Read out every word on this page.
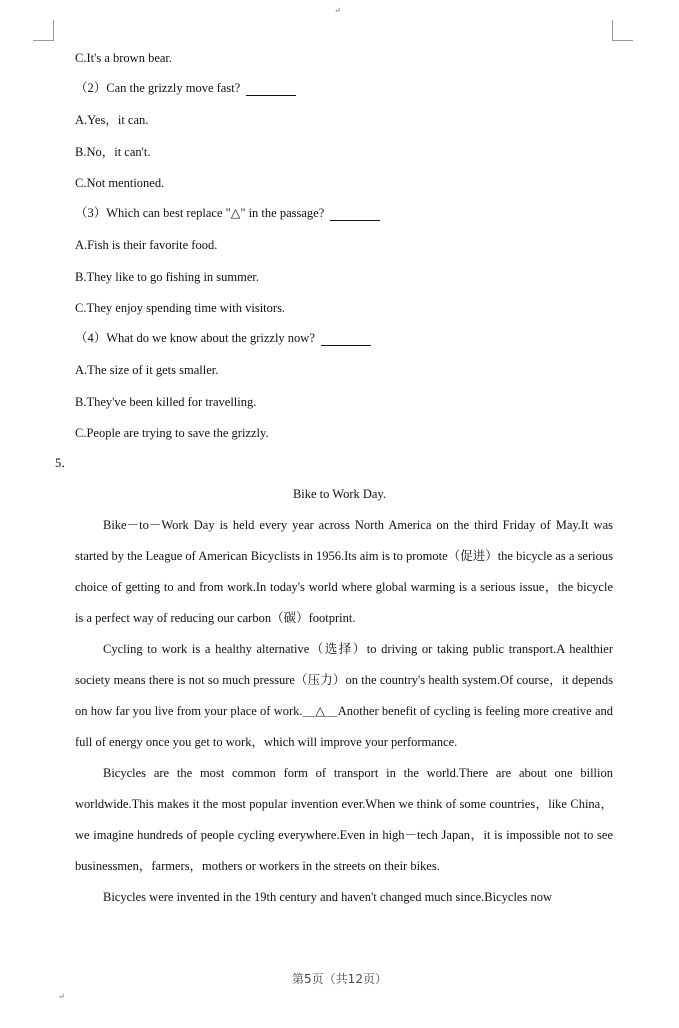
↵
C.It's a brown bear.
（2）Can the grizzly move fast?
A.Yes，it can.
B.No，it can't.
C.Not mentioned.
（3）Which can best replace "△" in the passage?
A.Fish is their favorite food.
B.They like to go fishing in summer.
C.They enjoy spending time with visitors.
（4）What do we know about the grizzly now?
A.The size of it gets smaller.
B.They've been killed for travelling.
C.People are trying to save the grizzly.
5．
Bike to Work Day.

Bike－to－Work Day is held every year across North America on the third Friday of May.It was started by the League of American Bicyclists in 1956.Its aim is to promote（促进）the bicycle as a serious choice of getting to and from work.In today's world where global warming is a serious issue，the bicycle is a perfect way of reducing our carbon（碳）footprint.

Cycling to work is a healthy alternative（选择）to driving or taking public transport.A healthier society means there is not so much pressure（压力）on the country's health system.Of course，it depends on how far you live from your place of work.＿△＿Another benefit of cycling is feeling more creative and full of energy once you get to work，which will improve your performance.

Bicycles are the most common form of transport in the world.There are about one billion worldwide.This makes it the most popular invention ever.When we think of some countries，like China，we imagine hundreds of people cycling everywhere.Even in high－tech Japan，it is impossible not to see businessmen，farmers，mothers or workers in the streets on their bikes.

Bicycles were invented in the 19th century and haven't changed much since.Bicycles now

第5页（共12页）
↵
